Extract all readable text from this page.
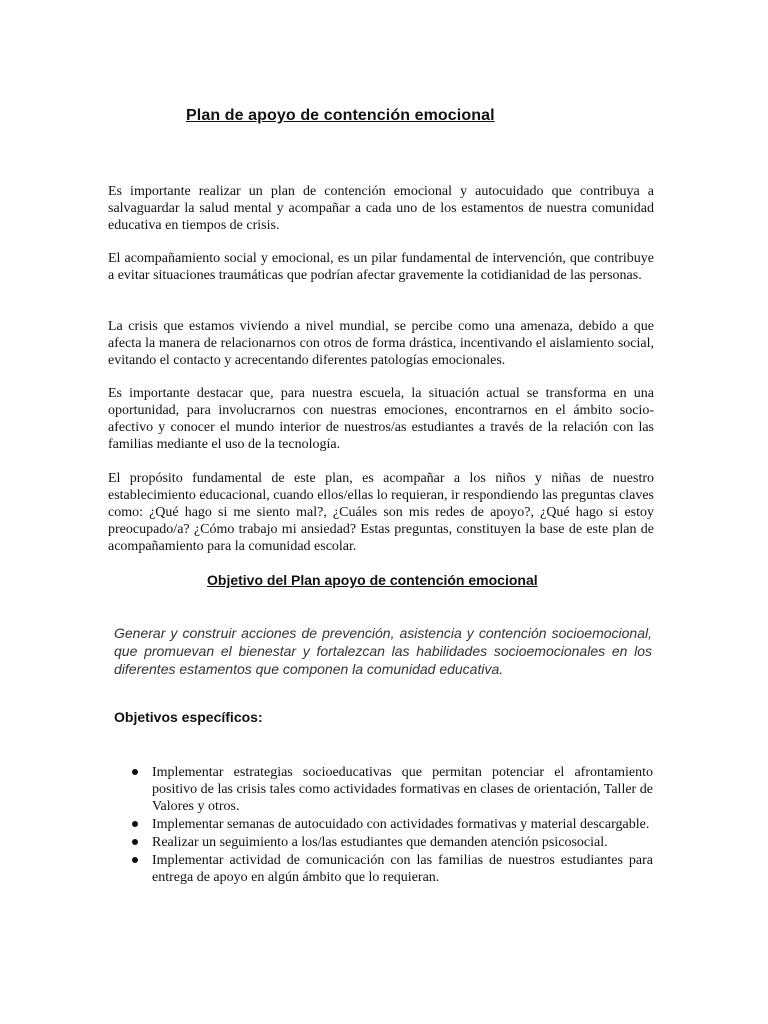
Plan de apoyo de contención emocional

Es importante realizar un plan de contención emocional y autocuidado que contribuya a salvaguardar la salud mental y acompañar a cada uno de los estamentos de nuestra comunidad educativa en tiempos de crisis.

El acompañamiento social y emocional, es un pilar fundamental de intervención, que contribuye a evitar situaciones traumáticas que podrían afectar gravemente la cotidianidad de las personas.

La crisis que estamos viviendo a nivel mundial, se percibe como una amenaza, debido a que afecta la manera de relacionarnos con otros de forma drástica, incentivando el aislamiento social, evitando el contacto y acrecentando diferentes patologías emocionales.

Es importante destacar que, para nuestra escuela, la situación actual se transforma en una oportunidad, para involucrarnos con nuestras emociones, encontrarnos en el ámbito socio-afectivo y conocer el mundo interior de nuestros/as estudiantes a través de la relación con las familias mediante el uso de la tecnología.

El propósito fundamental de este plan, es acompañar a los niños y niñas de nuestro establecimiento educacional, cuando ellos/ellas lo requieran, ir respondiendo las preguntas claves como: ¿Qué hago si me siento mal?, ¿Cuáles son mis redes de apoyo?, ¿Qué hago si estoy preocupado/a? ¿Cómo trabajo mi ansiedad? Estas preguntas, constituyen la base de este plan de acompañamiento para la comunidad escolar.

Objetivo del Plan apoyo de contención emocional

Generar y construir acciones de prevención, asistencia y contención socioemocional, que promuevan el bienestar y fortalezcan las habilidades socioemocionales en los diferentes estamentos que componen la comunidad educativa.

Objetivos específicos:
Implementar estrategias socioeducativas que permitan potenciar el afrontamiento positivo de las crisis tales como actividades formativas en clases de orientación, Taller de Valores y otros.
Implementar semanas de autocuidado con actividades formativas y material descargable.
Realizar un seguimiento a los/las estudiantes que demanden atención psicosocial.
Implementar actividad de comunicación con las familias de nuestros estudiantes para entrega de apoyo en algún ámbito que lo requieran.
